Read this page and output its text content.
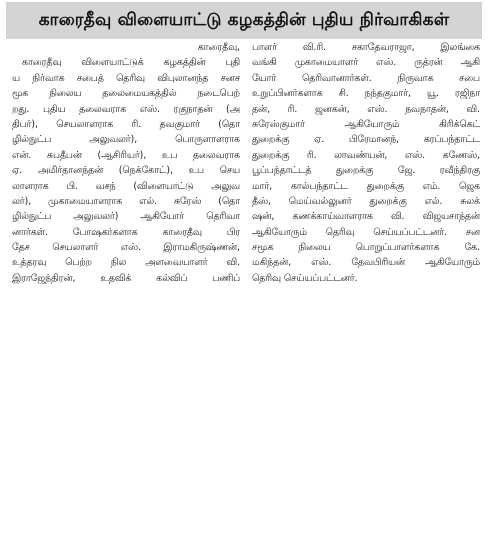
காரைதீவு விளையாட்டு கழகத்தின் புதிய நிர்வாகிகள்
காரைதீவு,
காரைதீவு விளையாட்டுக் கழகத்தின் புதி
ய நிர்வாக சபைத் தெரிவு விபுலானந்த சனச
மூக நிலைய தலைமையகத்தில் நடைபெற்
றது. புதிய தலைவராக எஸ். ரகுநாதன் (அ
திபர்), செயலாளராக ரி. தவகுமார் (தொ
ழில்நுட்ப	அலுவலர்),	பொருளாளராக
என். சுபதீபன் (ஆசிரியர்), உப தலைவராக
ஏ. அமிர்தானந்தன் (நெக்கோட்), உப செய
லாளராக பி. வசந் (விளையாட்டு அலுவ
லர்), முகாமையாளராக எல். சுரேஸ் (தொ
ழில்நுட்ப அலுவலர்) ஆகியோர் தெரிவா
னார்கள்.	போஷகர்களாக	காரைதீவு	பிர
தேச செயலாளர் எஸ். இராமகிருஷ்ணன்,
உத்தரவு பெற்ற நில அளவையாளர் வி.
இராஜேந்திரன்,	உதவிக்	கல்விப்	பணிப்
பாளர்	வி.ரி.	சகாதேவராஜா,	இலங்கை
வங்கி முகாமையாளர் எஸ். ருத்ரன் ஆகி
யோர்	தெரிவானார்கள்.	நிருவாக	சபை
உறுப்பினர்களாக சி. நந்தகுமார், யூ. ரஜிநா
தன், ரி. ஜனகன், எஸ். நவநாதன், வி.
சுரேஸ்குமார்	ஆகியோரும்	கிரிக்கெட்
துறைக்கு	ஏ.	பிரேமானந்,	கரப்பந்தாட்ட
துறைக்கு ரி. லாவண்யன், எஸ். கணேஸ்,
பூப்பந்தாட்டத்	துறைக்கு	ஜே.	ரவீந்திரகு
மார், கால்பந்தாட்ட துறைக்கு எம். ஜெக
தீஸ், மெய்வல்லுனர் துறைக்கு எல். சுலக்
ஷன், கணக்காய்வாளராக வி. விஜயசாந்தன்
ஆகியோரும் தெரிவு செய்யப்பட்டனர். சன
சமூக	நிலைய	பொறுப்பாளர்களாக	கே.
மகிந்தன், எஸ். தேவபிரியன் ஆகியோரும்
தெரிவு செய்யப்பட்டனர்.
